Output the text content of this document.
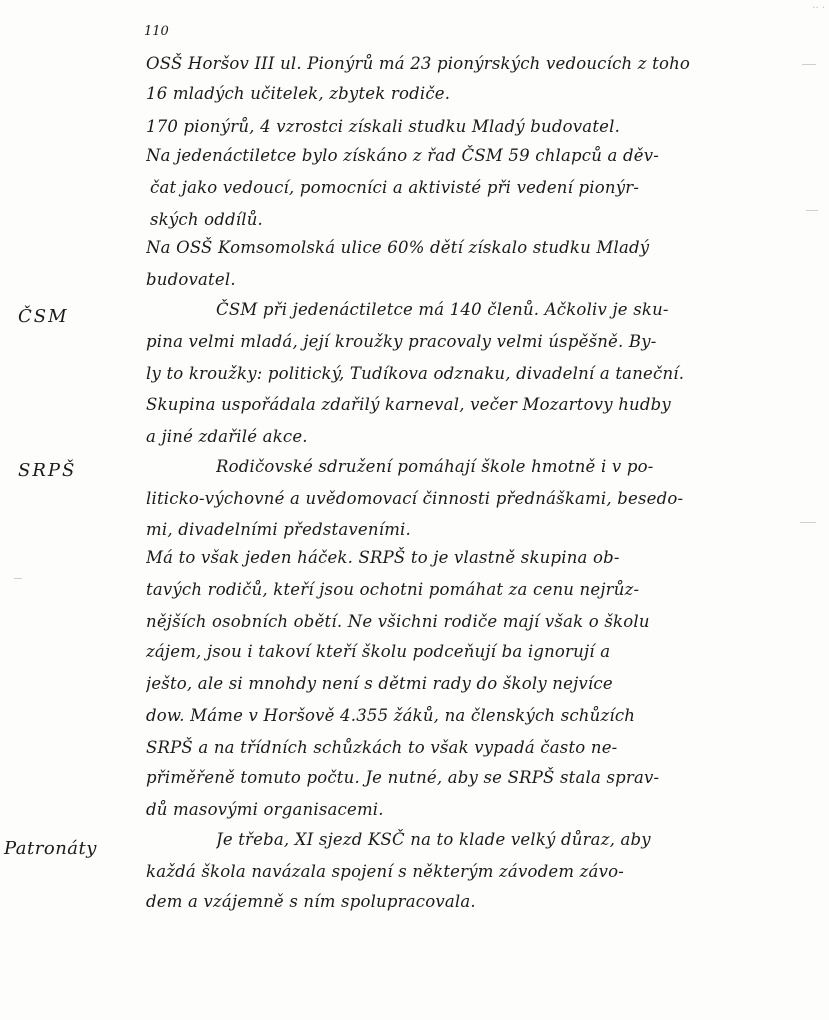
.. .
110
ČSM
SRPŠ
Patronáty
OSŠ Horšov III ul. Pionýrů má 23 pionýrských vedoucích z toho
16 mladých učitelek, zbytek rodiče.
170 pionýrů, 4 vzrostci získali studku Mladý budovatel.
Na jedenáctiletce bylo získáno z řad ČSM 59 chlapců a děv-
čat jako vedoucí, pomocníci a aktivisté při vedení pionýr-
ských oddílů.
Na OSŠ Komsomolská ulice 60% dětí získalo studku Mladý
budovatel.
ČSM při jedenáctiletce má 140 členů. Ačkoliv je sku-
pina velmi mladá, její kroužky pracovaly velmi úspěšně. By-
ly to kroužky: politický, Tudíkova odznaku, divadelní a taneční.
Skupina uspořádala zdařilý karneval, večer Mozartovy hudby
a jiné zdařilé akce.
Rodičovské sdružení pomáhají škole hmotně i v po-
liticko-výchovné a uvědomovací činnosti přednáškami, besedo-
mi, divadelními představeními.
Má to však jeden háček. SRPŠ to je vlastně skupina ob-
tavých rodičů, kteří jsou ochotni pomáhat za cenu nejrůz-
nějších osobních obětí. Ne všichni rodiče mají však o školu
zájem, jsou i takoví kteří školu podceňují ba ignorují a
ješto, ale si mnohdy není s dětmi rady do školy nejvíce
dow. Máme v Horšově 4.355 žáků, na členských schůzích
SRPŠ a na třídních schůzkách to však vypadá často ne-
přiměřeně tomuto počtu. Je nutné, aby se SRPŠ stala sprav-
dů masovými organisacemi.
Je třeba, XI sjezd KSČ na to klade velký důraz, aby
každá škola navázala spojení s některým závodem závo-
dem a vzájemně s ním spolupracovala.
